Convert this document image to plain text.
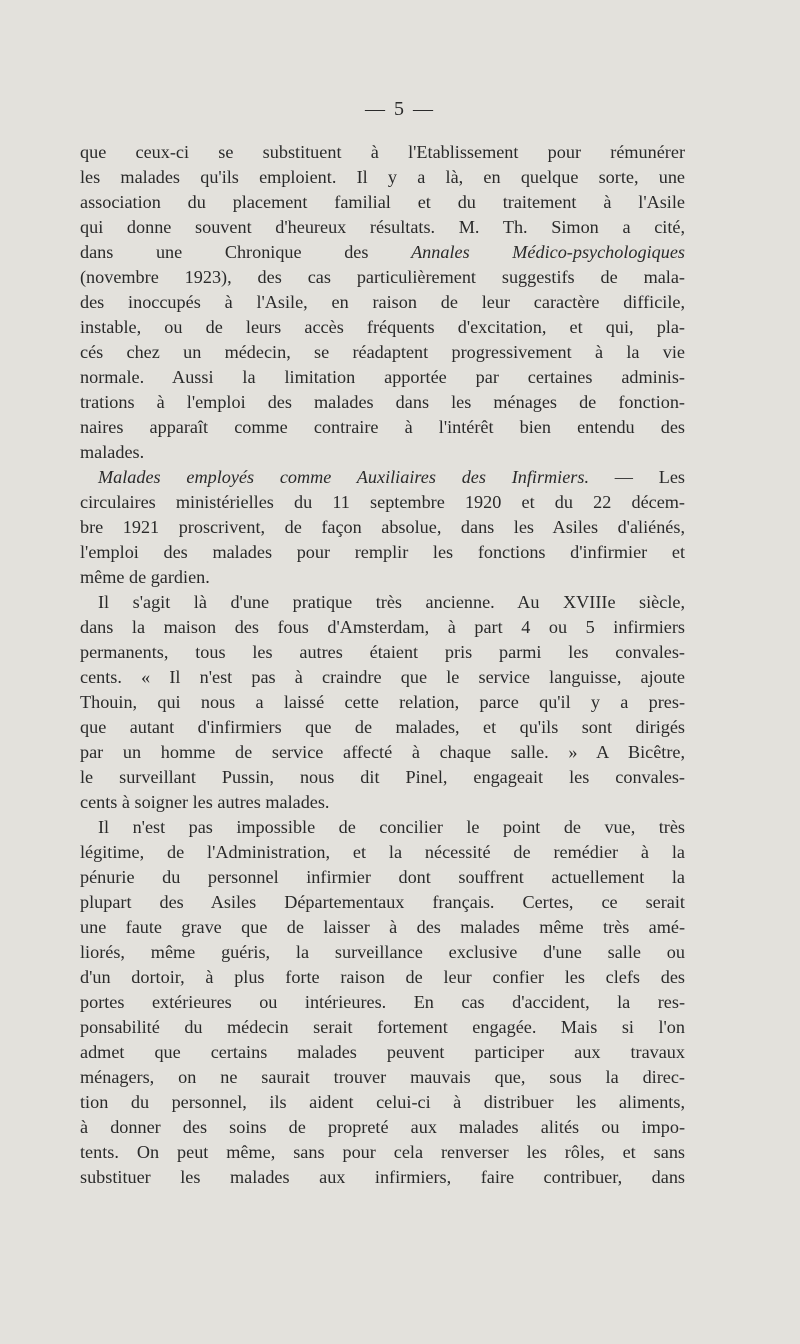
— 5 —
que ceux-ci se substituent à l'Etablissement pour rémunérer
les malades qu'ils emploient. Il y a là, en quelque sorte, une
association du placement familial et du traitement à l'Asile
qui donne souvent d'heureux résultats. M. Th. Simon a cité,
dans une Chronique des Annales Médico-psychologiques
(novembre 1923), des cas particulièrement suggestifs de mala-
des inoccupés à l'Asile, en raison de leur caractère difficile,
instable, ou de leurs accès fréquents d'excitation, et qui, pla-
cés chez un médecin, se réadaptent progressivement à la vie
normale. Aussi la limitation apportée par certaines adminis-
trations à l'emploi des malades dans les ménages de fonction-
naires apparaît comme contraire à l'intérêt bien entendu des
malades.
Malades employés comme Auxiliaires des Infirmiers. — Les
circulaires ministérielles du 11 septembre 1920 et du 22 décem-
bre 1921 proscrivent, de façon absolue, dans les Asiles d'aliénés,
l'emploi des malades pour remplir les fonctions d'infirmier et
même de gardien.
Il s'agit là d'une pratique très ancienne. Au XVIIIe siècle,
dans la maison des fous d'Amsterdam, à part 4 ou 5 infirmiers
permanents, tous les autres étaient pris parmi les convales-
cents. « Il n'est pas à craindre que le service languisse, ajoute
Thouin, qui nous a laissé cette relation, parce qu'il y a pres-
que autant d'infirmiers que de malades, et qu'ils sont dirigés
par un homme de service affecté à chaque salle. » A Bicêtre,
le surveillant Pussin, nous dit Pinel, engageait les convales-
cents à soigner les autres malades.
Il n'est pas impossible de concilier le point de vue, très
légitime, de l'Administration, et la nécessité de remédier à la
pénurie du personnel infirmier dont souffrent actuellement la
plupart des Asiles Départementaux français. Certes, ce serait
une faute grave que de laisser à des malades même très amé-
liorés, même guéris, la surveillance exclusive d'une salle ou
d'un dortoir, à plus forte raison de leur confier les clefs des
portes extérieures ou intérieures. En cas d'accident, la res-
ponsabilité du médecin serait fortement engagée. Mais si l'on
admet que certains malades peuvent participer aux travaux
ménagers, on ne saurait trouver mauvais que, sous la direc-
tion du personnel, ils aident celui-ci à distribuer les aliments,
à donner des soins de propreté aux malades alités ou impo-
tents. On peut même, sans pour cela renverser les rôles, et sans
substituer les malades aux infirmiers, faire contribuer, dans
